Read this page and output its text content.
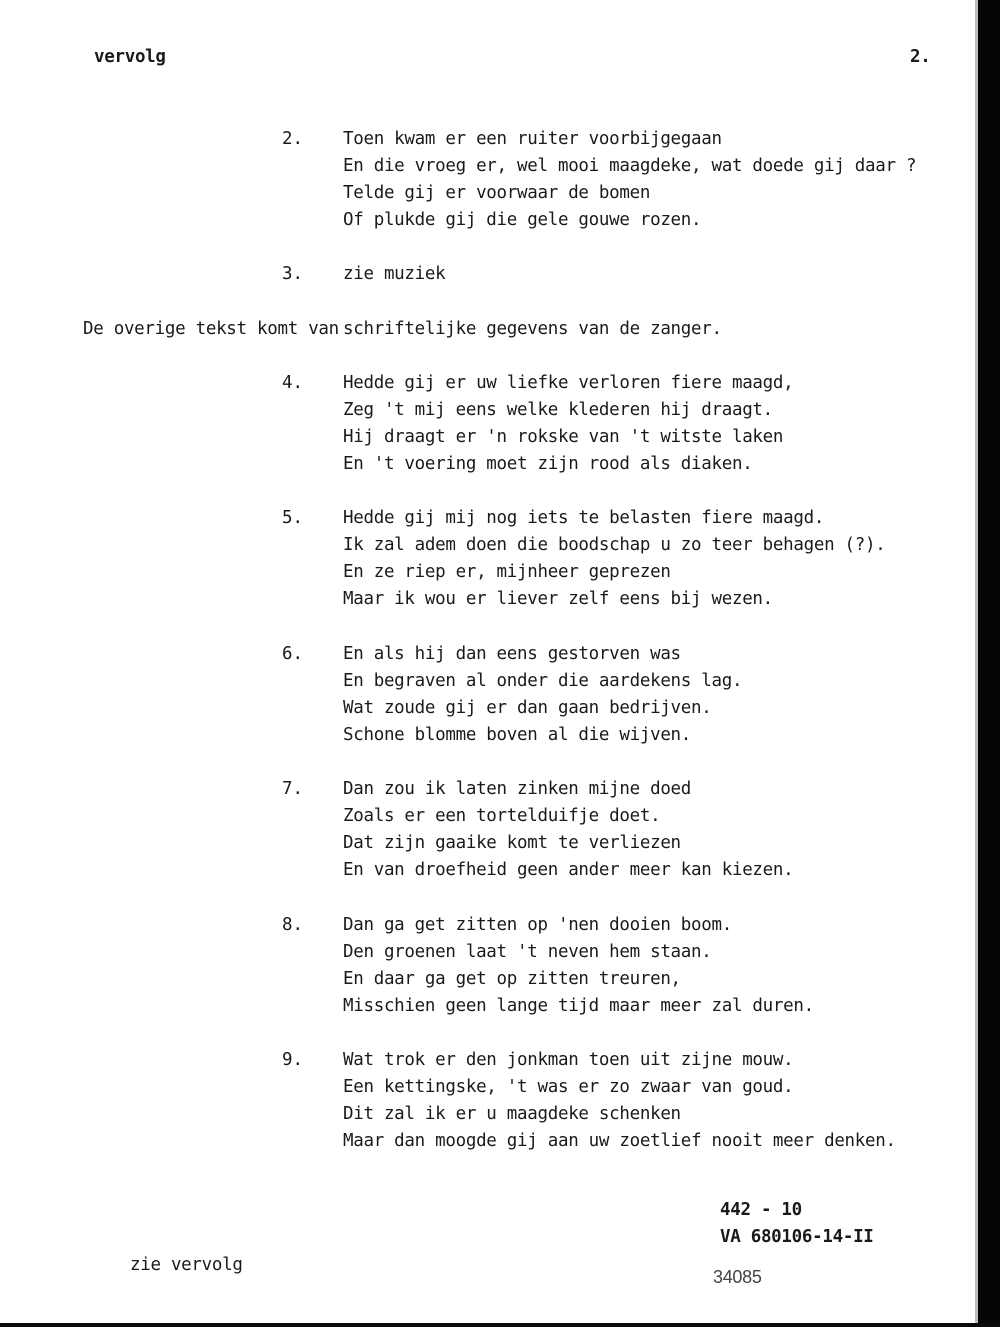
vervolg	2.
2. Toen kwam er een ruiter voorbijgegaan
En die vroeg er, wel mooi maagdeke, wat doede gij daar ?
Telde gij er voorwaar de bomen
Of plukde gij die gele gouwe rozen.
3. zie muziek
De overige tekst komt van schriftelijke gegevens van de zanger.
4. Hedde gij er uw liefke verloren fiere maagd,
Zeg 't mij eens welke klederen hij draagt.
Hij draagt er 'n rokske van 't witste laken
En 't voering moet zijn rood als diaken.
5. Hedde gij mij nog iets te belasten fiere maagd.
Ik zal adem doen die boodschap u zo teer behagen (?).
En ze riep er, mijnheer geprezen
Maar ik wou er liever zelf eens bij wezen.
6. En als hij dan eens gestorven was
En begraven al onder die aardekens lag.
Wat zoude gij er dan gaan bedrijven.
Schone blomme boven al die wijven.
7. Dan zou ik laten zinken mijne doed
Zoals er een tortelduifje doet.
Dat zijn gaaike komt te verliezen
En van droefheid geen ander meer kan kiezen.
8. Dan ga get zitten op 'nen dooien boom.
Den groenen laat 't neven hem staan.
En daar ga get op zitten treuren,
Misschien geen lange tijd maar meer zal duren.
9. Wat trok er den jonkman toen uit zijne mouw.
Een kettingske, 't was er zo zwaar van goud.
Dit zal ik er u maagdeke schenken
Maar dan moogde gij aan uw zoetlief nooit meer denken.
442 - 10
VA 680106-14-II
zie vervolg
34085
